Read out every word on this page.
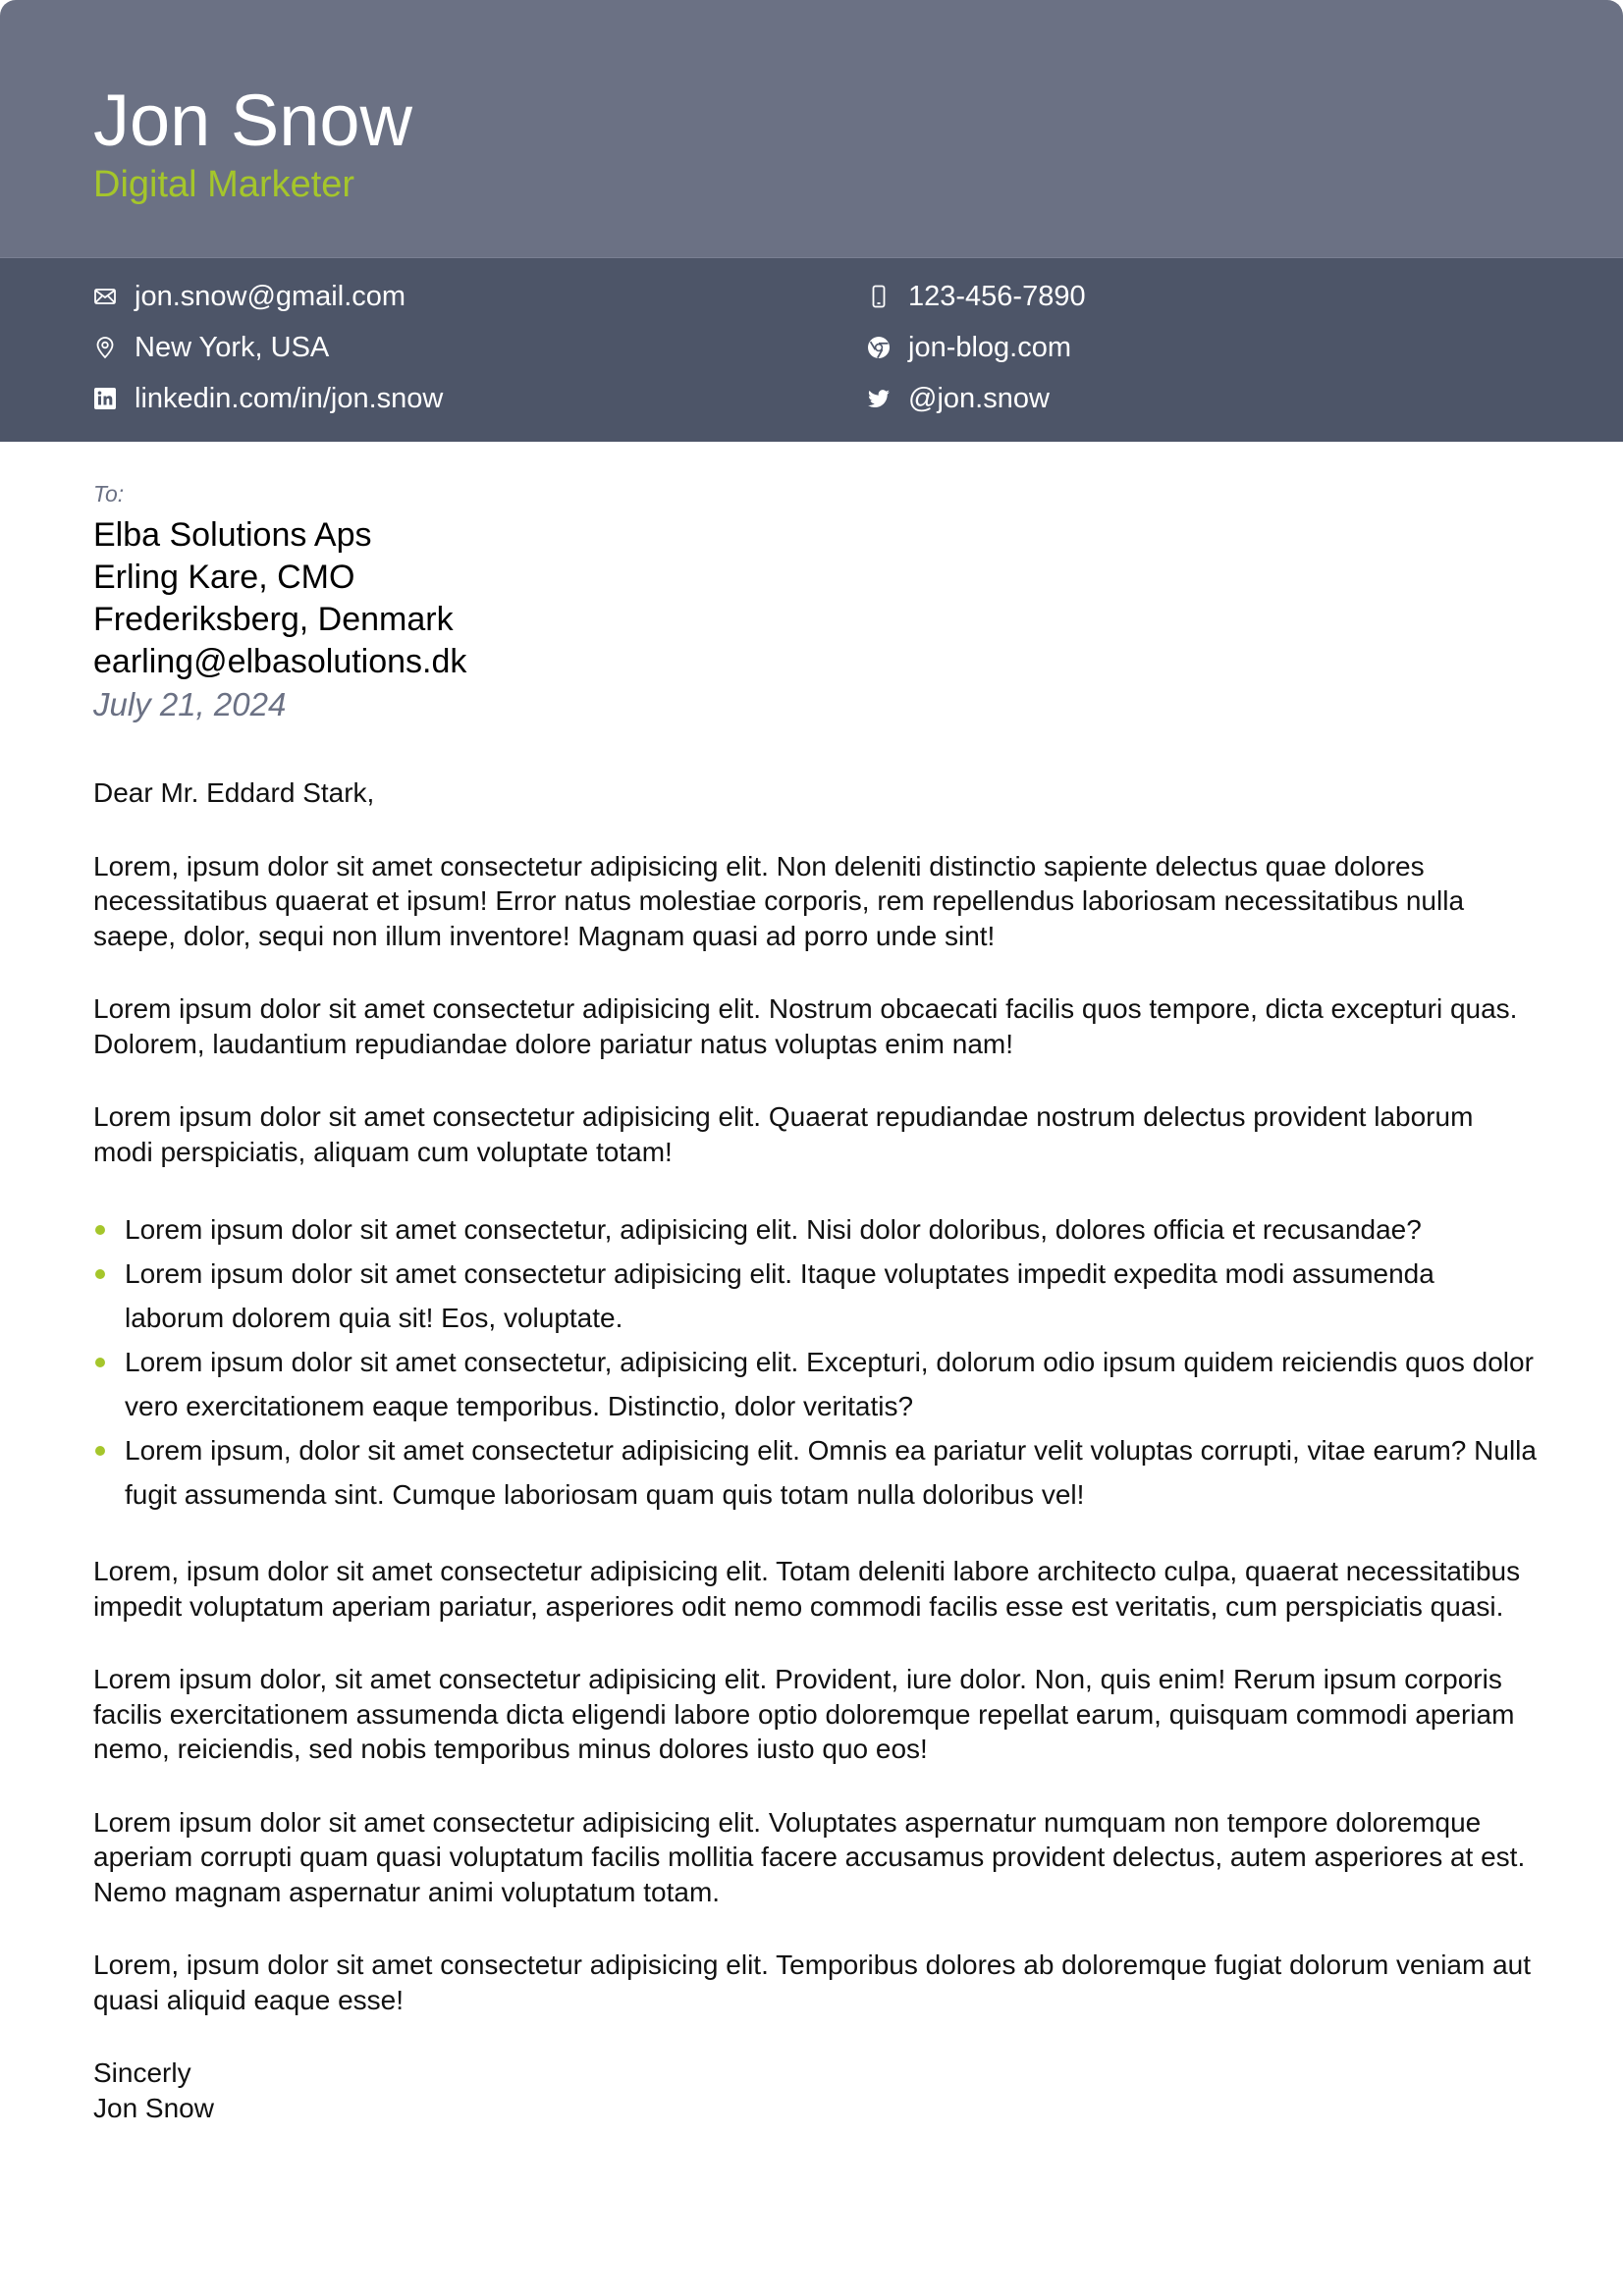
Jon Snow
Digital Marketer
jon.snow@gmail.com	123-456-7890
New York, USA	jon-blog.com
linkedin.com/in/jon.snow	@jon.snow
To:
Elba Solutions Aps
Erling Kare, CMO
Frederiksberg, Denmark
earling@elbasolutions.dk
July 21, 2024

Dear Mr. Eddard Stark,

Lorem, ipsum dolor sit amet consectetur adipisicing elit. Non deleniti distinctio sapiente delectus quae dolores necessitatibus quaerat et ipsum! Error natus molestiae corporis, rem repellendus laboriosam necessitatibus nulla saepe, dolor, sequi non illum inventore! Magnam quasi ad porro unde sint!

Lorem ipsum dolor sit amet consectetur adipisicing elit. Nostrum obcaecati facilis quos tempore, dicta excepturi quas. Dolorem, laudantium repudiandae dolore pariatur natus voluptas enim nam!

Lorem ipsum dolor sit amet consectetur adipisicing elit. Quaerat repudiandae nostrum delectus provident laborum modi perspiciatis, aliquam cum voluptate totam!

Lorem ipsum dolor sit amet consectetur, adipisicing elit. Nisi dolor doloribus, dolores officia et recusandae?
Lorem ipsum dolor sit amet consectetur adipisicing elit. Itaque voluptates impedit expedita modi assumenda laborum dolorem quia sit! Eos, voluptate.
Lorem ipsum dolor sit amet consectetur, adipisicing elit. Excepturi, dolorum odio ipsum quidem reiciendis quos dolor vero exercitationem eaque temporibus. Distinctio, dolor veritatis?
Lorem ipsum, dolor sit amet consectetur adipisicing elit. Omnis ea pariatur velit voluptas corrupti, vitae earum? Nulla fugit assumenda sint. Cumque laboriosam quam quis totam nulla doloribus vel!

Lorem, ipsum dolor sit amet consectetur adipisicing elit. Totam deleniti labore architecto culpa, quaerat necessitatibus impedit voluptatum aperiam pariatur, asperiores odit nemo commodi facilis esse est veritatis, cum perspiciatis quasi.

Lorem ipsum dolor, sit amet consectetur adipisicing elit. Provident, iure dolor. Non, quis enim! Rerum ipsum corporis facilis exercitationem assumenda dicta eligendi labore optio doloremque repellat earum, quisquam commodi aperiam nemo, reiciendis, sed nobis temporibus minus dolores iusto quo eos!

Lorem ipsum dolor sit amet consectetur adipisicing elit. Voluptates aspernatur numquam non tempore doloremque aperiam corrupti quam quasi voluptatum facilis mollitia facere accusamus provident delectus, autem asperiores at est. Nemo magnam aspernatur animi voluptatum totam.

Lorem, ipsum dolor sit amet consectetur adipisicing elit. Temporibus dolores ab doloremque fugiat dolorum veniam aut quasi aliquid eaque esse!

Sincerly
Jon Snow
